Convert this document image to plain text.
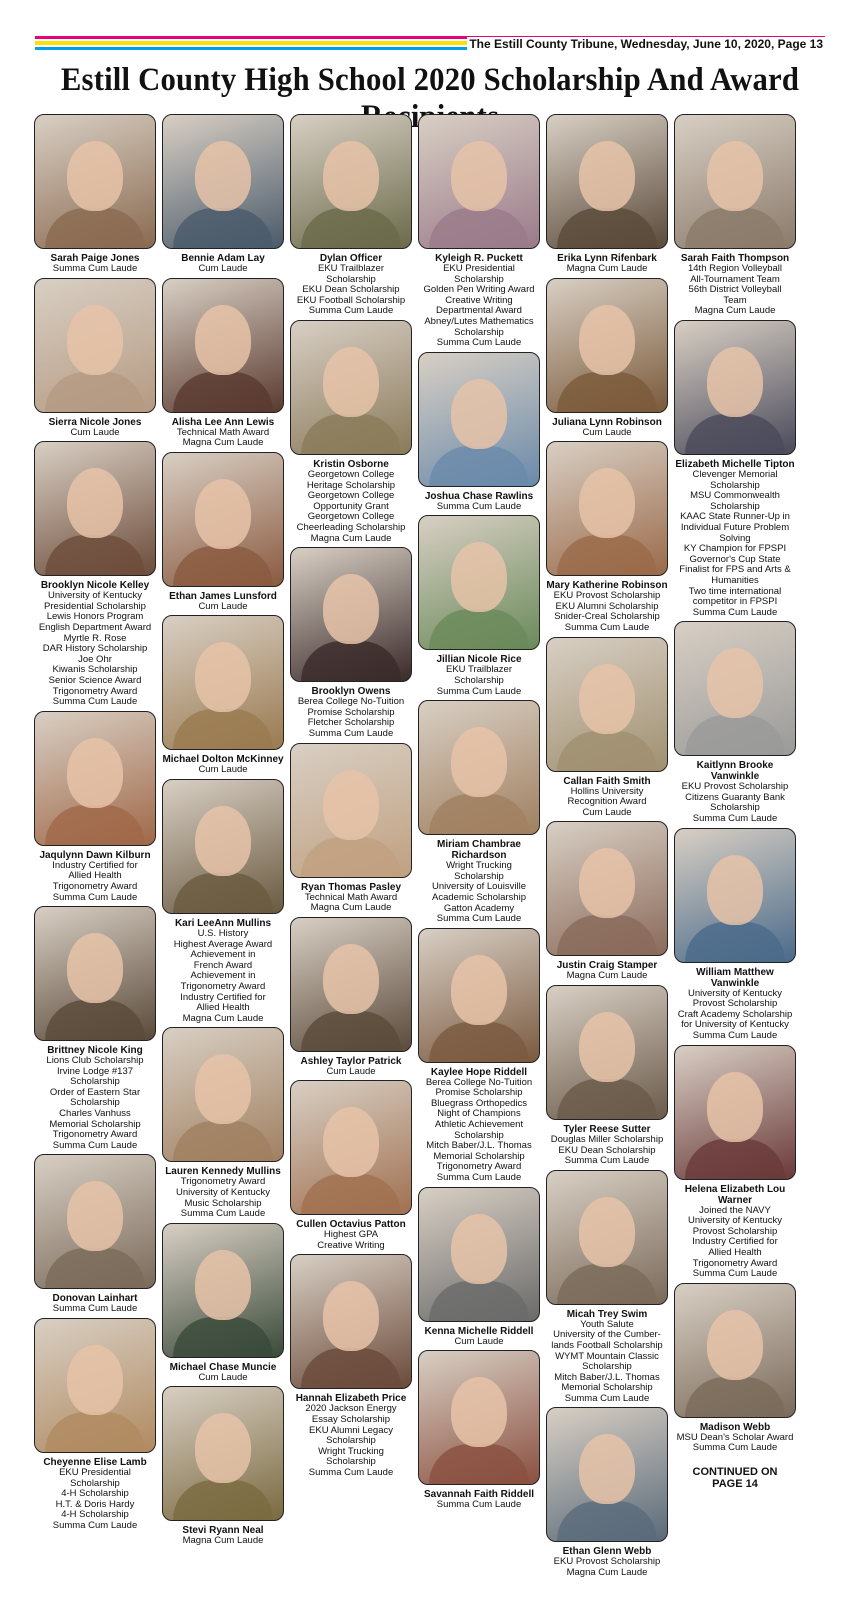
The Estill County Tribune, Wednesday, June 10, 2020, Page 13
Estill County High School 2020 Scholarship And Award
Sarah Paige Jones
Summa Cum Laude
Sierra Nicole Jones
Cum Laude
Brooklyn Nicole Kelley
University of Kentucky
Presidential Scholarship
Lewis Honors Program
English Department Award
Myrtle R. Rose
DAR History Scholarship
Joe Ohr
Kiwanis Scholarship
Senior Science Award
Trigonometry Award
Summa Cum Laude
Jaqulynn Dawn Kilburn
Industry Certified for
Allied Health
Trigonometry Award
Summa Cum Laude
Brittney Nicole King
Lions Club Scholarship
Irvine Lodge #137
Scholarship
Order of Eastern Star
Scholarship
Charles Vanhuss
Memorial Scholarship
Trigonometry Award
Summa Cum Laude
Donovan Lainhart
Summa Cum Laude
Cheyenne Elise Lamb
EKU Presidential
Scholarship
4-H Scholarship
H.T. & Doris Hardy
4-H Scholarship
Summa Cum Laude
Bennie Adam Lay
Cum Laude
Alisha Lee Ann Lewis
Technical Math Award
Magna Cum Laude
Ethan James Lunsford
Cum Laude
Michael Dolton McKinney
Cum Laude
Kari LeeAnn Mullins
U.S. History
Highest Average Award
Achievement in
French Award
Achievement in
Trigonometry Award
Industry Certified for
Allied Health
Magna Cum Laude
Lauren Kennedy Mullins
Trigonometry Award
University of Kentucky
Music Scholarship
Summa Cum Laude
Michael Chase Muncie
Cum Laude
Stevi Ryann Neal
Magna Cum Laude
Dylan Officer
EKU Trailblazer
Scholarship
EKU Dean Scholarship
EKU Football Scholarship
Summa Cum Laude
Kristin Osborne
Georgetown College
Heritage Scholarship
Georgetown College
Opportunity Grant
Georgetown College
Cheerleading Scholarship
Magna Cum Laude
Brooklyn Owens
Berea College No-Tuition
Promise Scholarship
Fletcher Scholarship
Summa Cum Laude
Ryan Thomas Pasley
Technical Math Award
Magna Cum Laude
Ashley Taylor Patrick
Cum Laude
Cullen Octavius Patton
Highest GPA
Creative Writing
Hannah Elizabeth Price
2020 Jackson Energy
Essay Scholarship
EKU Alumni Legacy
Scholarship
Wright Trucking
Scholarship
Summa Cum Laude
Kyleigh R. Puckett
EKU Presidential
Scholarship
Golden Pen Writing Award
Creative Writing
Departmental Award
Abney/Lutes Mathematics
Scholarship
Summa Cum Laude
Joshua Chase Rawlins
Summa Cum Laude
Jillian Nicole Rice
EKU Trailblazer
Scholarship
Summa Cum Laude
Miriam Chambrae Richardson
Wright Trucking
Scholarship
University of Louisville
Academic Scholarship
Gatton Academy
Summa Cum Laude
Kaylee Hope Riddell
Berea College No-Tuition
Promise Scholarship
Bluegrass Orthopedics
Night of Champions
Athletic Achievement
Scholarship
Mitch Baber/J.L. Thomas
Memorial Scholarship
Trigonometry Award
Summa Cum Laude
Kenna Michelle Riddell
Cum Laude
Savannah Faith Riddell
Summa Cum Laude
Erika Lynn Rifenbark
Magna Cum Laude
Juliana Lynn Robinson
Cum Laude
Mary Katherine Robinson
EKU Provost Scholarship
EKU Alumni Scholarship
Snider-Creal Scholarship
Summa Cum Laude
Callan Faith Smith
Hollins University
Recognition Award
Cum Laude
Justin Craig Stamper
Magna Cum Laude
Tyler Reese Sutter
Douglas Miller Scholarship
EKU Dean Scholarship
Summa Cum Laude
Micah Trey Swim
Youth Salute
University of the Cumber-
lands Football Scholarship
WYMT Mountain Classic
Scholarship
Mitch Baber/J.L. Thomas
Memorial Scholarship
Summa Cum Laude
Ethan Glenn Webb
EKU Provost Scholarship
Magna Cum Laude
Sarah Faith Thompson
14th Region Volleyball
All-Tournament Team
56th District Volleyball
Team
Magna Cum Laude
Elizabeth Michelle Tipton
Clevenger Memorial
Scholarship
MSU Commonwealth
Scholarship
KAAC State Runner-Up in
Individual Future Problem
Solving
KY Champion for FPSPI
Governor's Cup State
Finalist for FPS and Arts &
Humanities
Two time international
competitor in FPSPI
Summa Cum Laude
Kaitlynn Brooke Vanwinkle
EKU Provost Scholarship
Citizens Guaranty Bank
Scholarship
Summa Cum Laude
William Matthew Vanwinkle
University of Kentucky
Provost Scholarship
Craft Academy Scholarship
for University of Kentucky
Summa Cum Laude
Helena Elizabeth Lou Warner
Joined the NAVY
University of Kentucky
Provost Scholarship
Industry Certified for
Allied Health
Trigonometry Award
Summa Cum Laude
Madison Webb
MSU Dean's Scholar Award
Summa Cum Laude
CONTINUED ON
PAGE 14
